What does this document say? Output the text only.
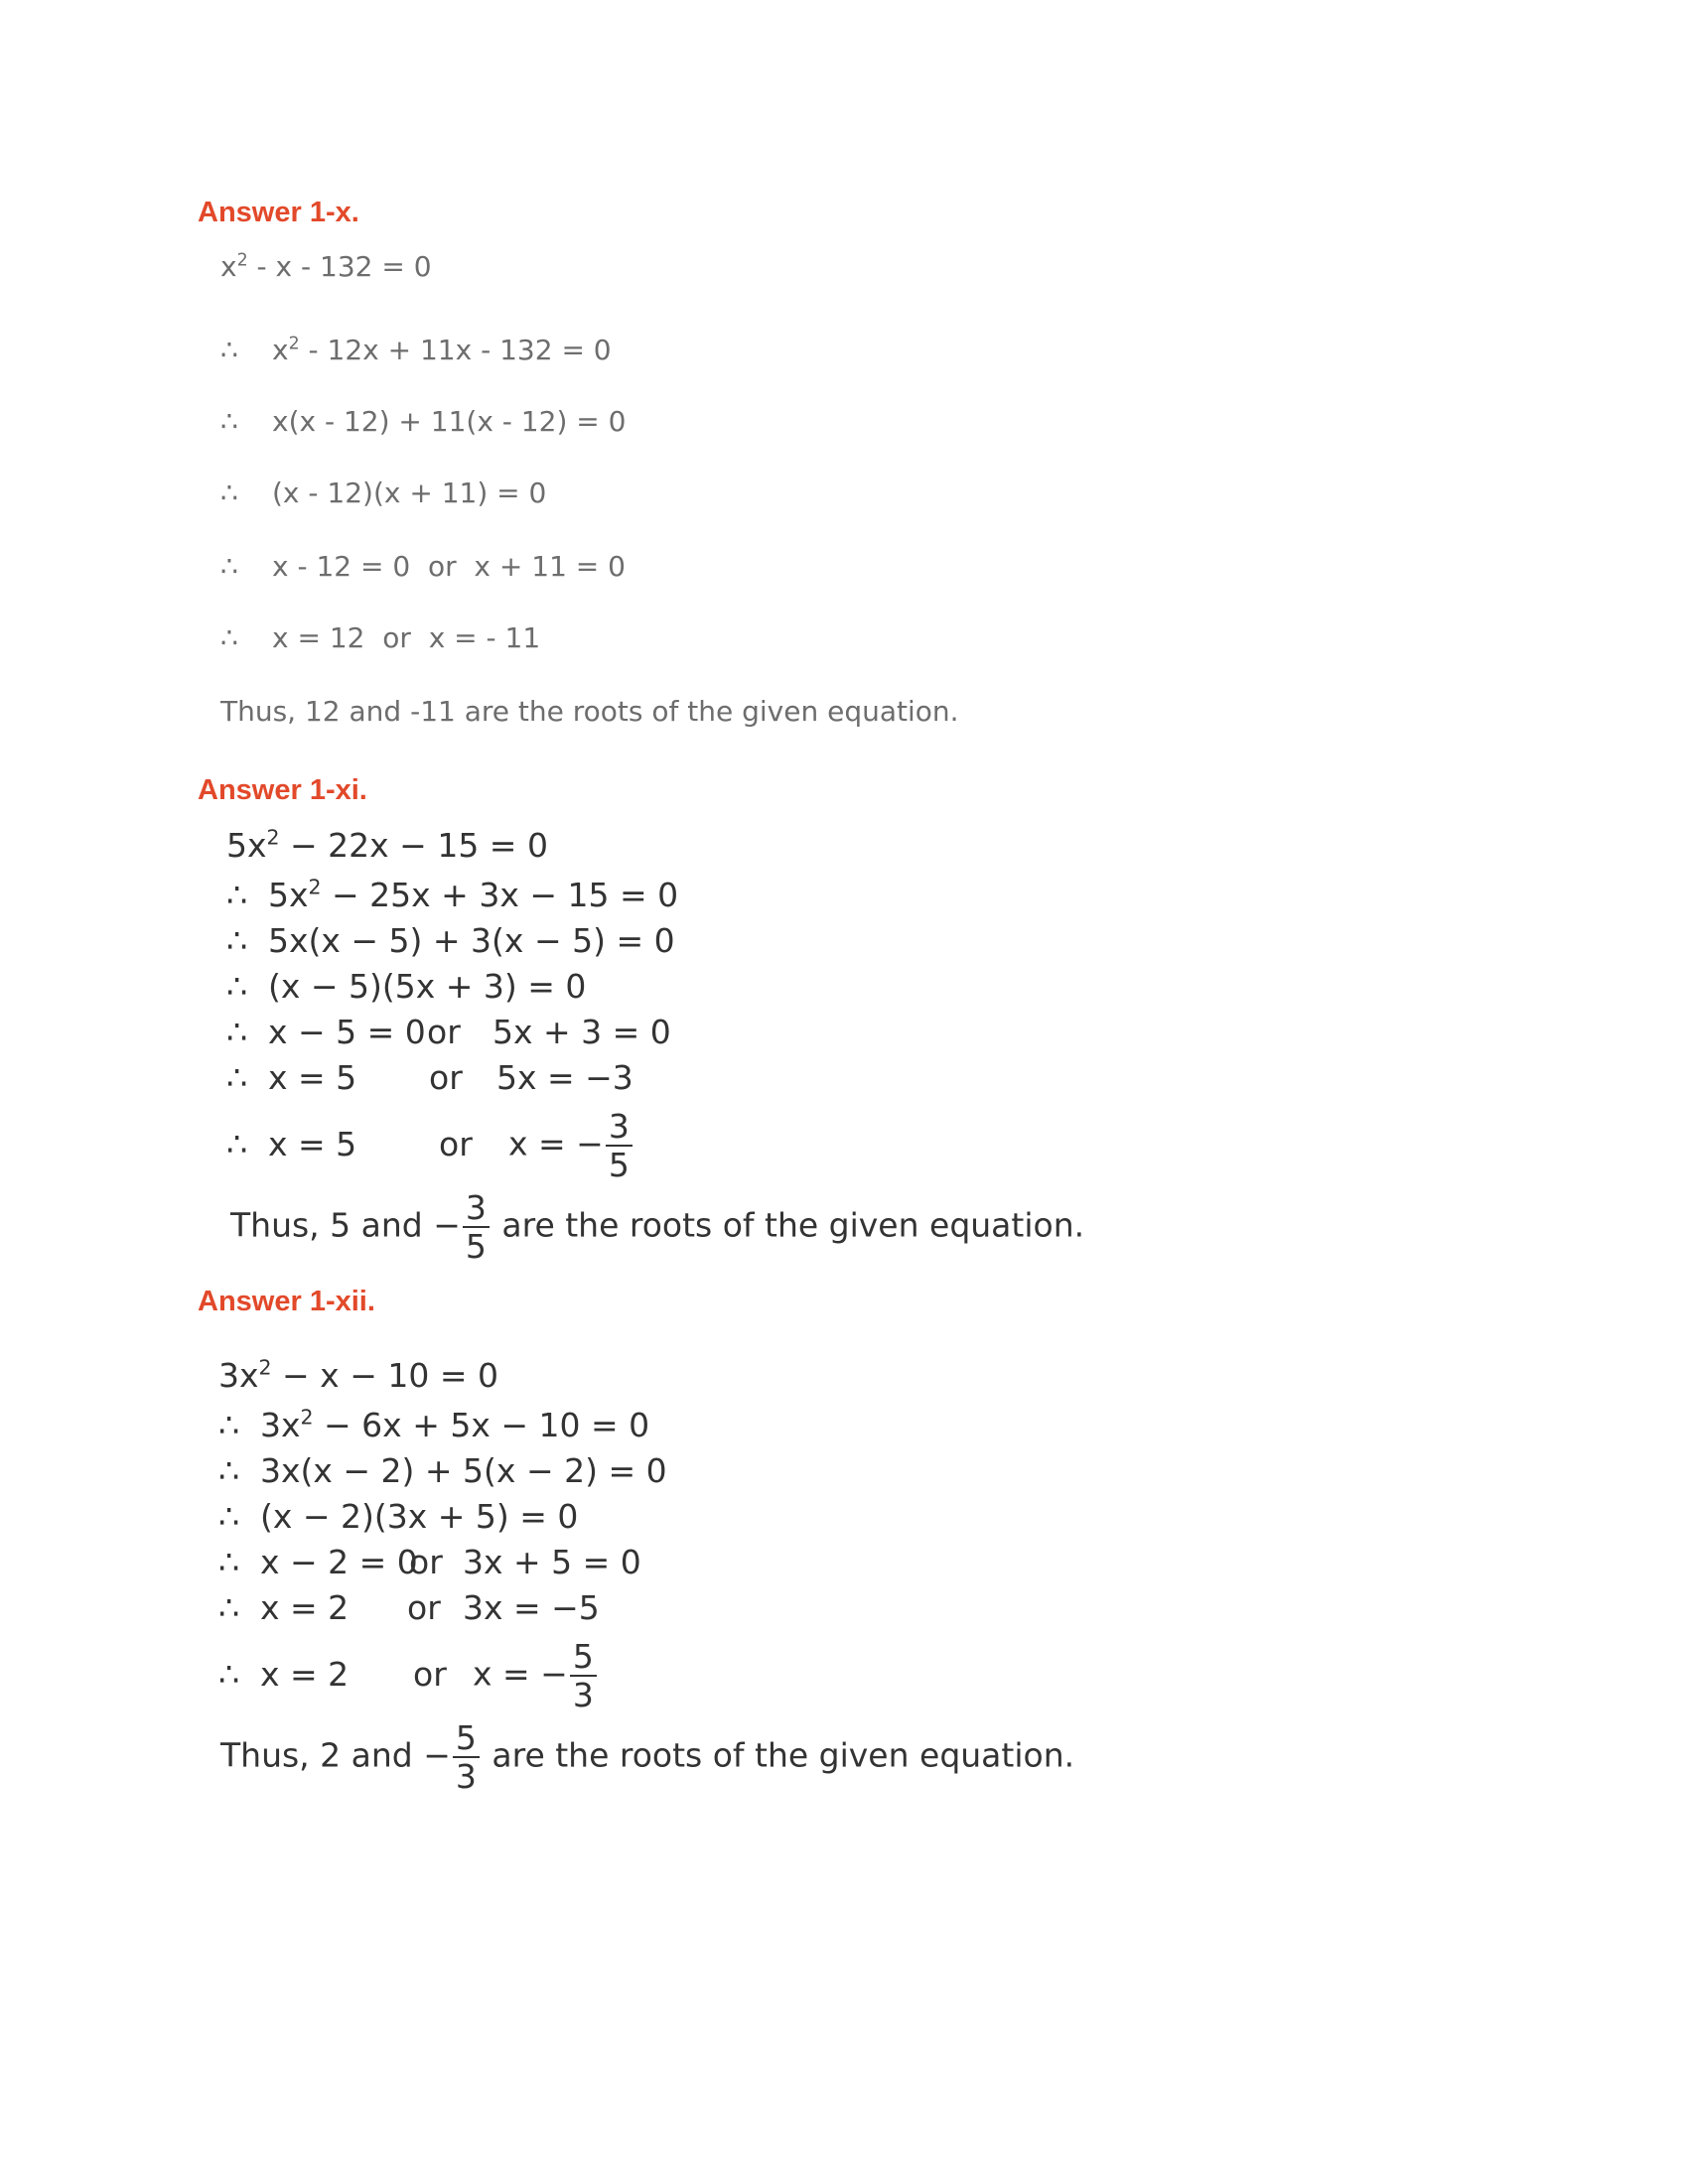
Answer 1-x.
$x^2 - x - 132 = 0$
∴ $x^2 - 12x + 11x - 132 = 0$
∴ x(x - 12) + 11(x - 12) = 0
∴ (x - 12)(x + 11) = 0
∴ x - 12 = 0  or  x + 11 = 0
∴ x = 12  or  x = - 11
Thus, 12 and -11 are the roots of the given equation.
Answer 1-xi.
$5x^2 - 22x - 15 = 0$
∴ $5x^2 - 25x + 3x - 15 = 0$
∴ 5x(x − 5) + 3(x − 5) = 0
∴ (x − 5)(5x + 3) = 0
∴ x − 5 = 0or 5x + 3 = 0
∴ x = 5 or 5x = −3
∴ x = 5	or x = − $\frac{3}{5}$
Thus, 5 and − $\frac{3}{5}$ are the roots of the given equation.
Answer 1-xii.
$3x^2 - x - 10 = 0$
∴ $3x^2 - 6x + 5x - 10 = 0$
∴ 3x(x − 2) + 5(x − 2) = 0
∴ (x − 2)(3x + 5) = 0
∴ x − 2 = 0or 3x + 5 = 0
∴ x = 2 or 3x = −5
∴ x = 2 or x = − $\frac{5}{3}$
Thus, 2 and − $\frac{5}{3}$ are the roots of the given equation.
